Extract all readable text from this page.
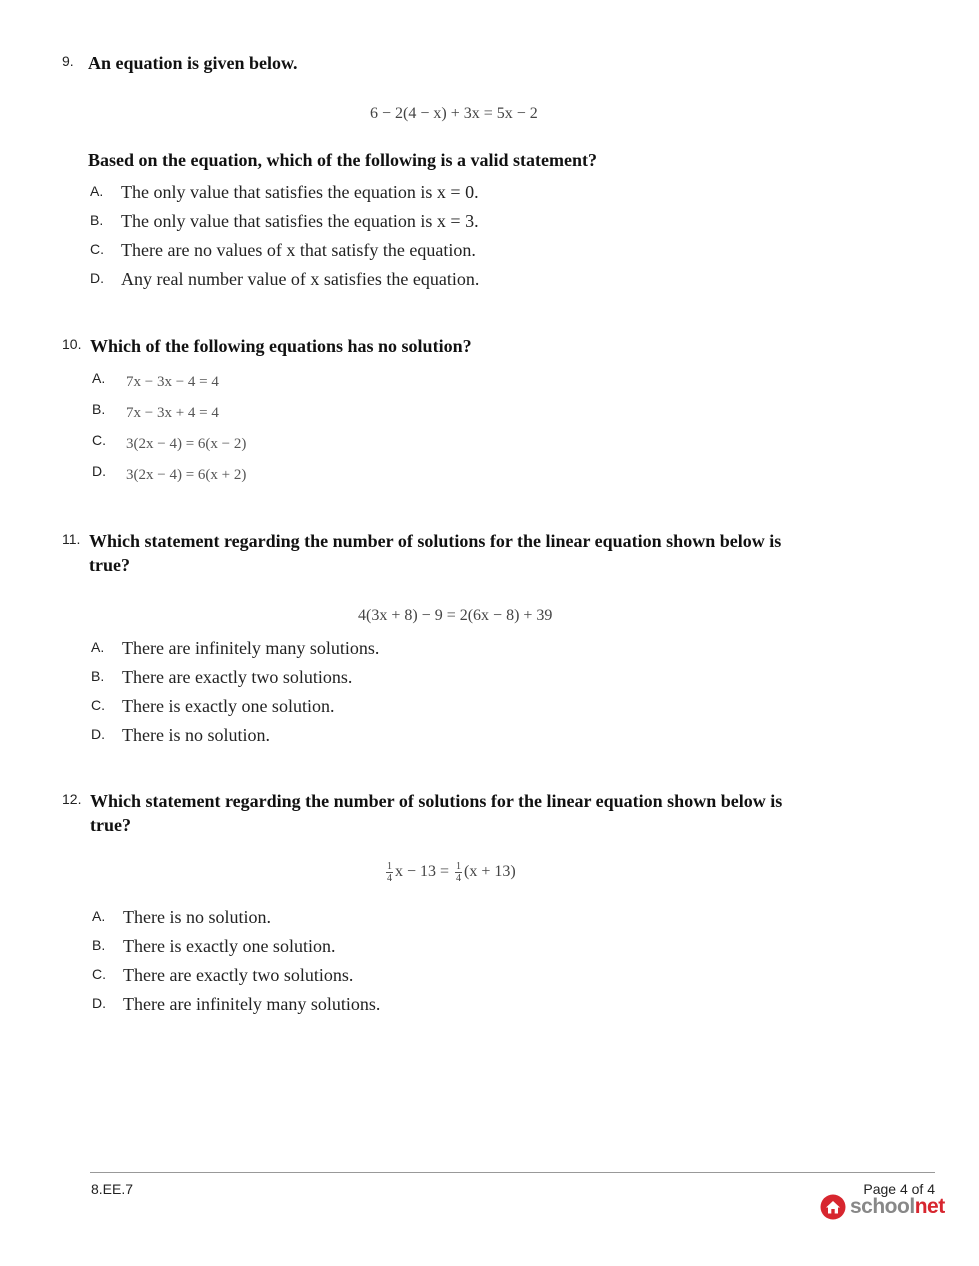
9. An equation is given below.
6 − 2(4 − x) + 3x = 5x − 2
Based on the equation, which of the following is a valid statement?
A. The only value that satisfies the equation is x = 0.
B. The only value that satisfies the equation is x = 3.
C. There are no values of x that satisfy the equation.
D. Any real number value of x satisfies the equation.
10. Which of the following equations has no solution?
A. 7x − 3x − 4 = 4
B. 7x − 3x + 4 = 4
C. 3(2x − 4) = 6(x − 2)
D. 3(2x − 4) = 6(x + 2)
11. Which statement regarding the number of solutions for the linear equation shown below is
true?
4(3x + 8) − 9 = 2(6x − 8) + 39
A. There are infinitely many solutions.
B. There are exactly two solutions.
C. There is exactly one solution.
D. There is no solution.
12. Which statement regarding the number of solutions for the linear equation shown below is
true?
$\frac{1}{4}$ $x - 13 = \frac{1}{4} (x + 13)$
A. There is no solution.
B. There is exactly one solution.
C. There are exactly two solutions.
D. There are infinitely many solutions.
8.EE.7	Page 4 of 4
schoolnet
